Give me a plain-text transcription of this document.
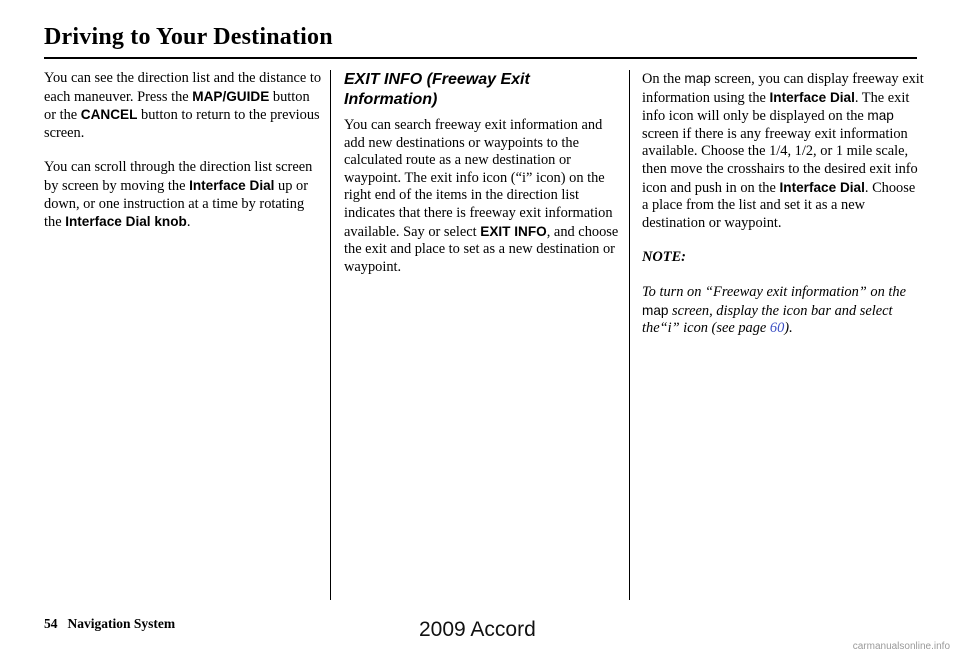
Driving to Your Destination

You can see the direction list and the distance to each maneuver. Press the MAP/GUIDE button or the CANCEL button to return to the previous screen.

You can scroll through the direction list screen by screen by moving the Interface Dial up or down, or one instruction at a time by rotating the Interface Dial knob.

EXIT INFO (Freeway Exit Information)

You can search freeway exit information and add new destinations or waypoints to the calculated route as a new destination or waypoint. The exit info icon (“i” icon) on the right end of the items in the direction list indicates that there is freeway exit information available. Say or select EXIT INFO, and choose the exit and place to set as a new destination or waypoint.

On the map screen, you can display freeway exit information using the Interface Dial. The exit info icon will only be displayed on the map screen if there is any freeway exit information available. Choose the 1/4, 1/2, or 1 mile scale, then move the crosshairs to the desired exit info icon and push in on the Interface Dial. Choose a place from the list and set it as a new destination or waypoint.

NOTE:

To turn on “Freeway exit information” on the map screen, display the icon bar and select the“i” icon (see page 60).

54 Navigation System	2009 Accord
carmanualsonline.info
